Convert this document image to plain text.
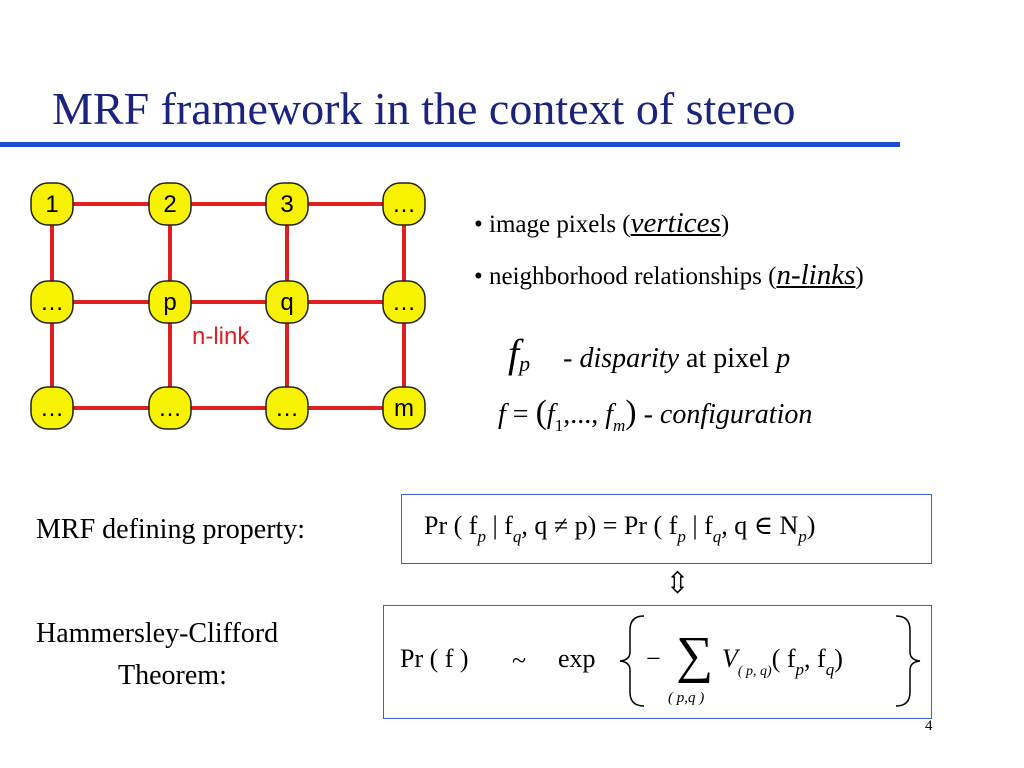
MRF framework in the context of stereo
1	2	3	…
…	p	q	…
…	…	…	m
n-link
• image pixels (vertices)
• neighborhood relationships (n-links)
fp - disparity at pixel p
$f = (f_1$,..., $f_m$) - configuration
MRF defining property:	Pr ( $f_p$ | $f_q$, q ≠ p) = Pr ( $f_p$ | $f_q$, q ∈ $N_p$)
⇳
Hammersley-Clifford
Theorem:
Pr ( f ) ~ exp − ∑
( p,q )
$V_{( p, q)}$( $f_p$, $f_q$)
4
